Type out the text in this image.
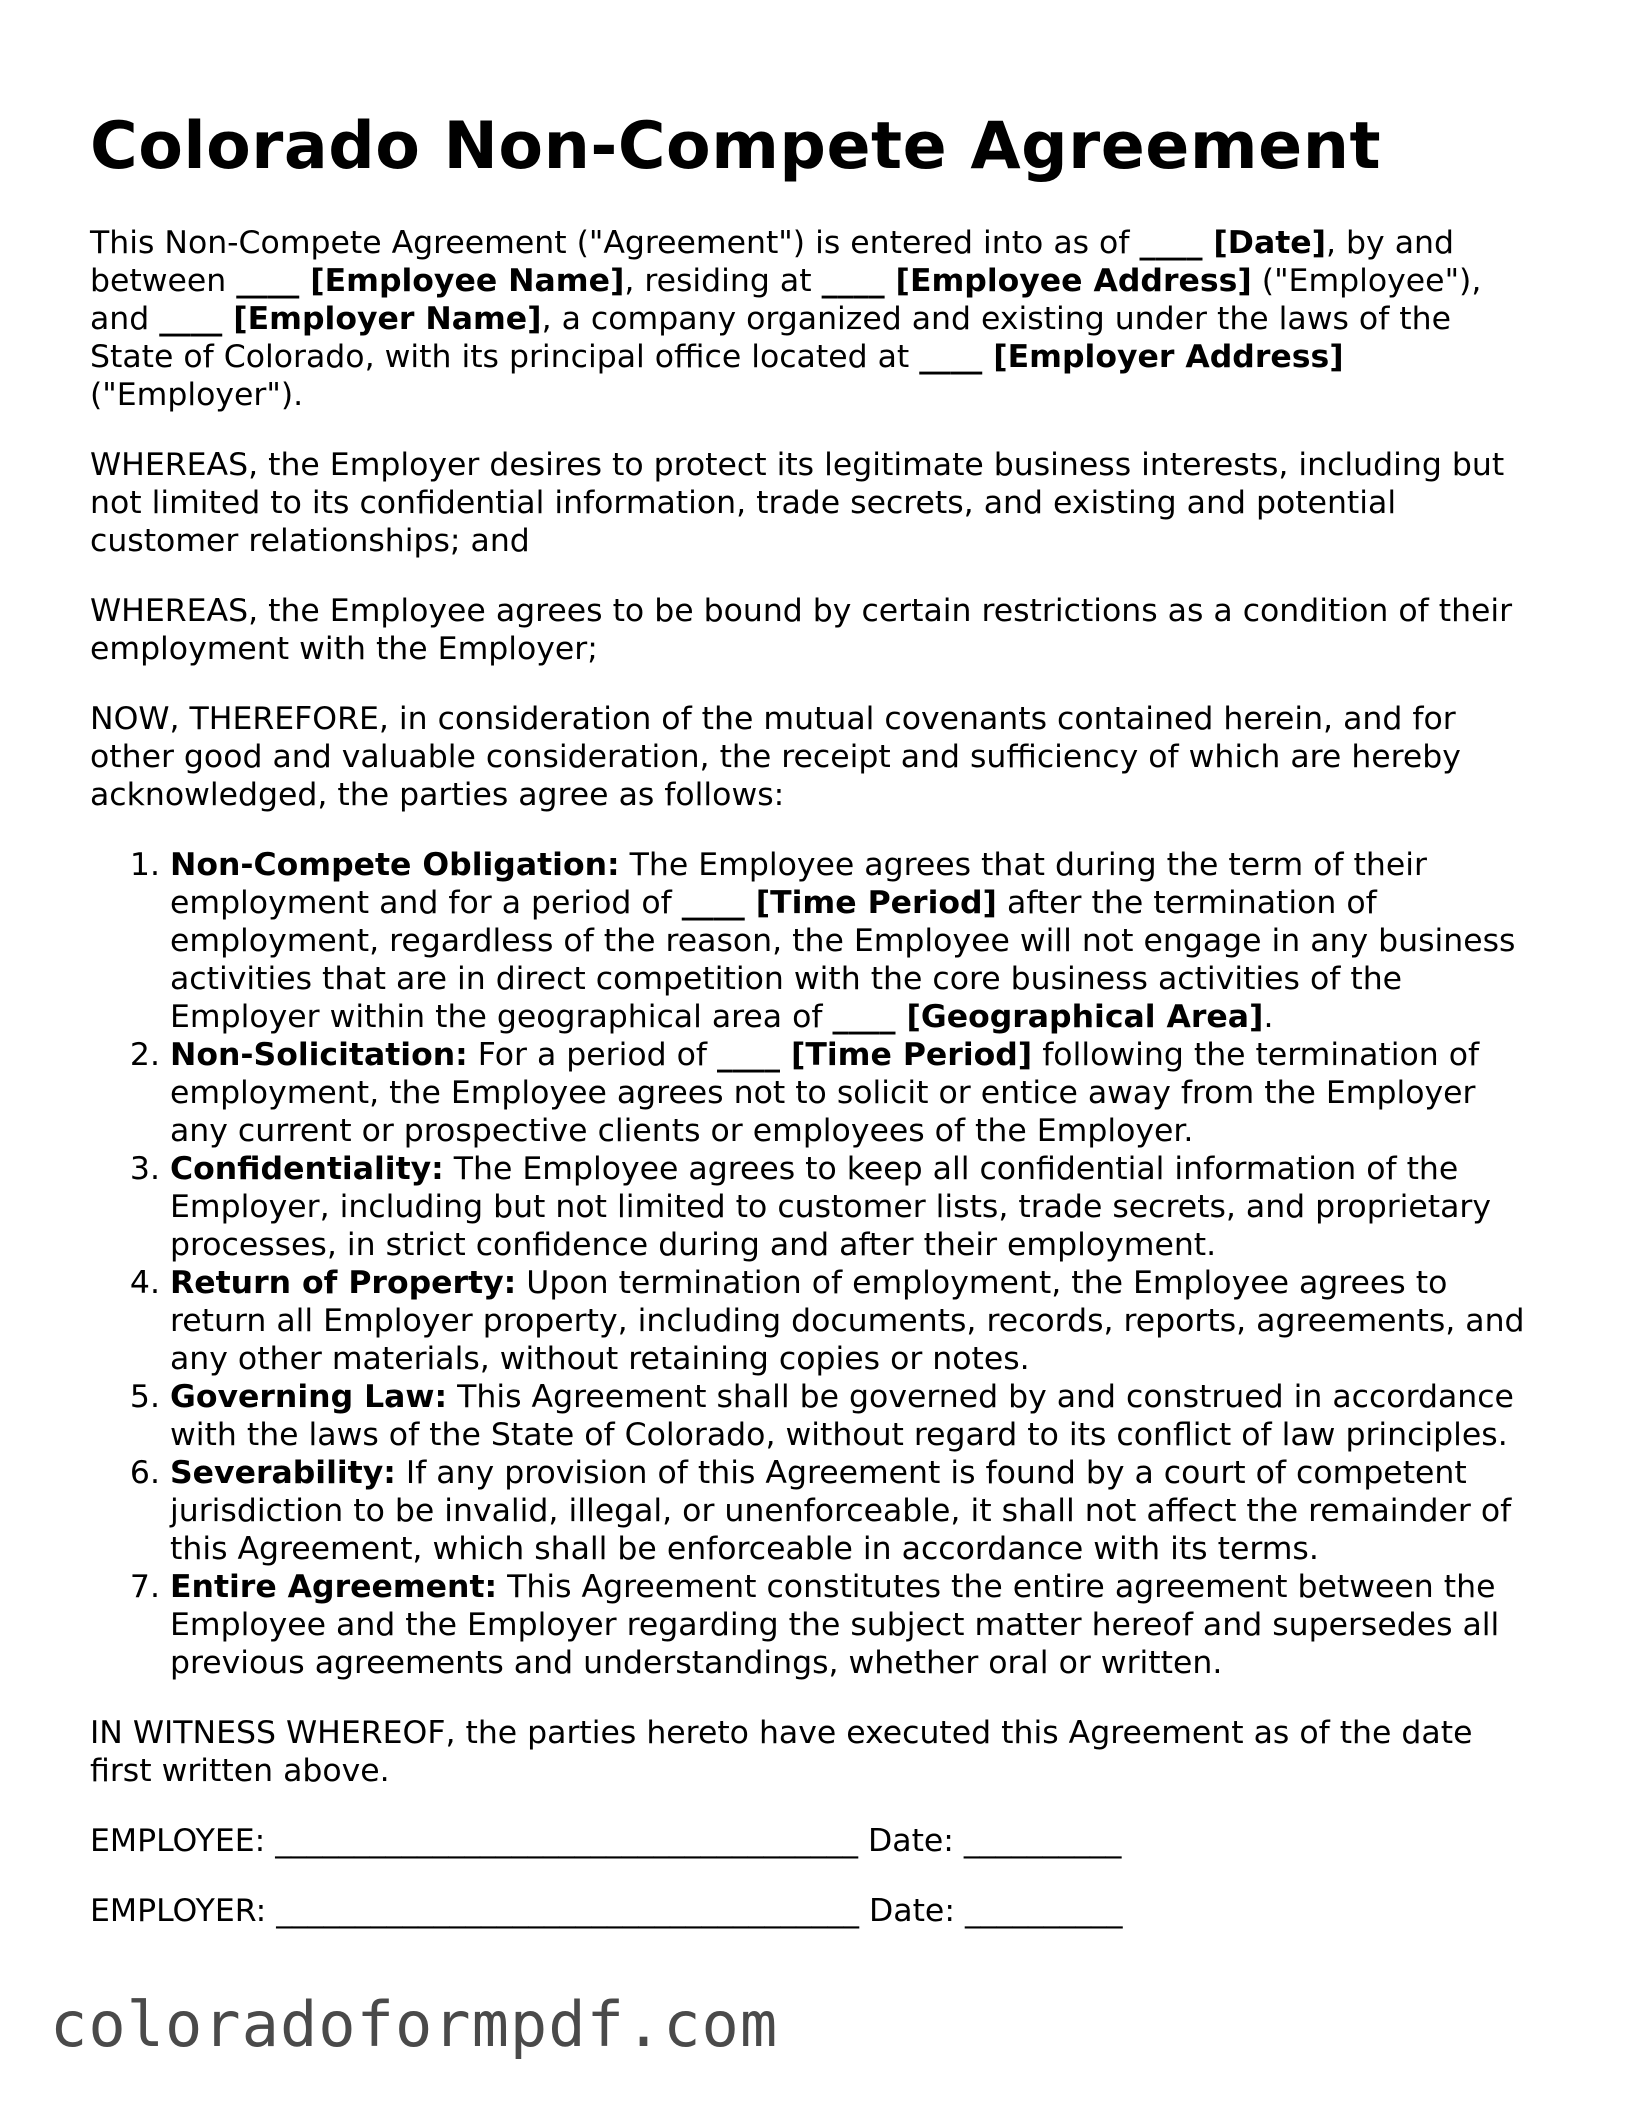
Colorado Non-Compete Agreement

This Non-Compete Agreement ("Agreement") is entered into as of ____ [Date], by and between ____ [Employee Name], residing at ____ [Employee Address] ("Employee"), and ____ [Employer Name], a company organized and existing under the laws of the State of Colorado, with its principal office located at ____ [Employer Address] ("Employer").

WHEREAS, the Employer desires to protect its legitimate business interests, including but not limited to its confidential information, trade secrets, and existing and potential customer relationships; and

WHEREAS, the Employee agrees to be bound by certain restrictions as a condition of their employment with the Employer;

NOW, THEREFORE, in consideration of the mutual covenants contained herein, and for other good and valuable consideration, the receipt and sufficiency of which are hereby acknowledged, the parties agree as follows:

1. Non-Compete Obligation: The Employee agrees that during the term of their employment and for a period of ____ [Time Period] after the termination of employment, regardless of the reason, the Employee will not engage in any business activities that are in direct competition with the core business activities of the Employer within the geographical area of ____ [Geographical Area].
2. Non-Solicitation: For a period of ____ [Time Period] following the termination of employment, the Employee agrees not to solicit or entice away from the Employer any current or prospective clients or employees of the Employer.
3. Confidentiality: The Employee agrees to keep all confidential information of the Employer, including but not limited to customer lists, trade secrets, and proprietary processes, in strict confidence during and after their employment.
4. Return of Property: Upon termination of employment, the Employee agrees to return all Employer property, including documents, records, reports, agreements, and any other materials, without retaining copies or notes.
5. Governing Law: This Agreement shall be governed by and construed in accordance with the laws of the State of Colorado, without regard to its conflict of law principles.
6. Severability: If any provision of this Agreement is found by a court of competent jurisdiction to be invalid, illegal, or unenforceable, it shall not affect the remainder of this Agreement, which shall be enforceable in accordance with its terms.
7. Entire Agreement: This Agreement constitutes the entire agreement between the Employee and the Employer regarding the subject matter hereof and supersedes all previous agreements and understandings, whether oral or written.

IN WITNESS WHEREOF, the parties hereto have executed this Agreement as of the date first written above.

EMPLOYEE: _____________________________________ Date: __________
EMPLOYER: _____________________________________ Date: __________
coloradoformpdf.com
